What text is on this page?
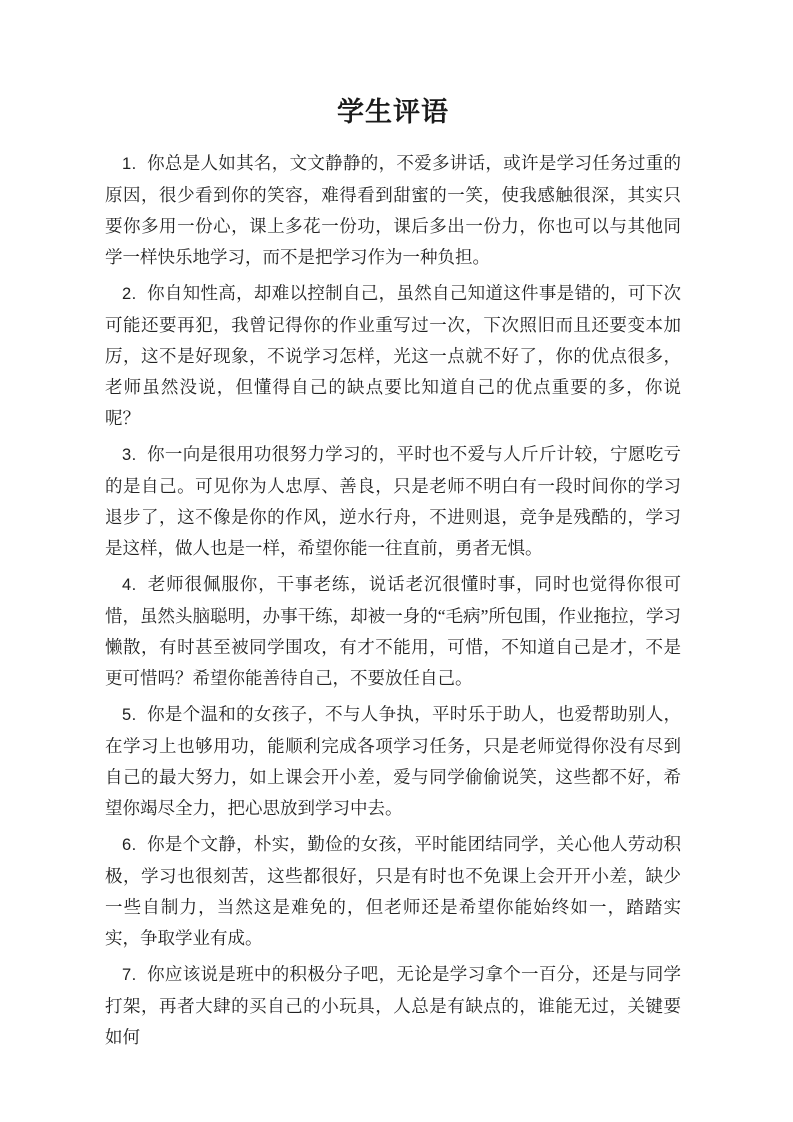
学生评语

1. 你总是人如其名，文文静静的，不爱多讲话，或许是学习任务过重的原因，很少看到你的笑容，难得看到甜蜜的一笑，使我感触很深，其实只要你多用一份心，课上多花一份功，课后多出一份力，你也可以与其他同学一样快乐地学习，而不是把学习作为一种负担。

2. 你自知性高，却难以控制自己，虽然自己知道这件事是错的，可下次可能还要再犯，我曾记得你的作业重写过一次，下次照旧而且还要变本加厉，这不是好现象，不说学习怎样，光这一点就不好了，你的优点很多，老师虽然没说，但懂得自己的缺点要比知道自己的优点重要的多，你说呢？

3. 你一向是很用功很努力学习的，平时也不爱与人斤斤计较，宁愿吃亏的是自己。可见你为人忠厚、善良，只是老师不明白有一段时间你的学习退步了，这不像是你的作风，逆水行舟，不进则退，竞争是残酷的，学习是这样，做人也是一样，希望你能一往直前，勇者无惧。

4. 老师很佩服你，干事老练，说话老沉很懂时事，同时也觉得你很可惜，虽然头脑聪明，办事干练，却被一身的“毛病”所包围，作业拖拉，学习懒散，有时甚至被同学围攻，有才不能用，可惜，不知道自己是才，不是更可惜吗？希望你能善待自己，不要放任自己。

5. 你是个温和的女孩子，不与人争执，平时乐于助人，也爱帮助别人，在学习上也够用功，能顺利完成各项学习任务，只是老师觉得你没有尽到自己的最大努力，如上课会开小差，爱与同学偷偷说笑，这些都不好，希望你竭尽全力，把心思放到学习中去。

6. 你是个文静，朴实，勤俭的女孩，平时能团结同学，关心他人劳动积极，学习也很刻苦，这些都很好，只是有时也不免课上会开开小差，缺少一些自制力，当然这是难免的，但老师还是希望你能始终如一，踏踏实实，争取学业有成。

7. 你应该说是班中的积极分子吧，无论是学习拿个一百分，还是与同学打架，再者大肆的买自己的小玩具，人总是有缺点的，谁能无过，关键要如何
